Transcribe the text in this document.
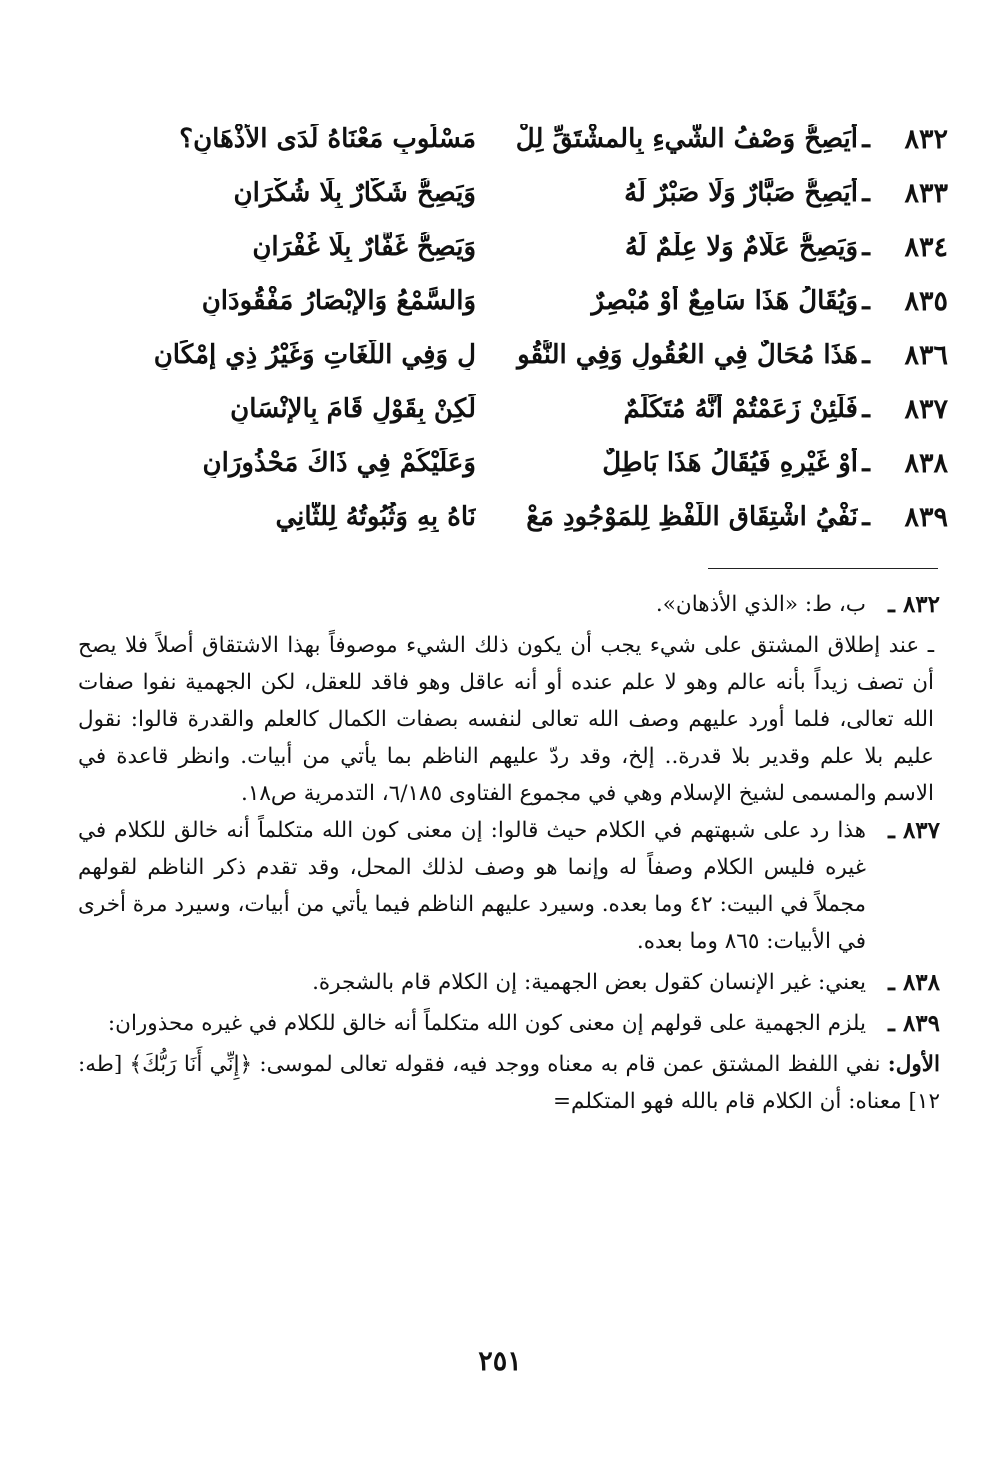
٨٣٢
ـ
أَيَصِحُّ وَصْفُ الشَّيءِ بِالمشْتَقِّ لِلْ
مَسْلُوبِ مَعْنَاهُ لَدَى الأَذْهَانِ؟
٨٣٣
ـ
أَيَصِحُّ صَبَّارٌ وَلَا صَبْرٌ لَهُ
وَيَصِحُّ شَكَّارٌ بِلَا شُكْرَانِ
٨٣٤
ـ
وَيَصِحُّ عَلَّامٌ وَلا عِلْمٌ لَهُ
وَيَصِحُّ غَفَّارٌ بِلَا غُفْرَانِ
٨٣٥
ـ
وَيُقَالُ هَذَا سَامِعٌ أَوْ مُبْصِرٌ
وَالسَّمْعُ وَالإِبْصَارُ مَفْقُودَانِ
٨٣٦
ـ
هَذَا مُحَالٌ فِي العُقُولِ وَفِي النُّقُو
لِ وَفِي اللُّغَاتِ وَغَيْرُ ذِي إِمْكَانِ
٨٣٧
ـ
فَلَئِنْ زَعَمْتُمْ أَنَّهُ مُتَكَلِّمٌ
لَكِنْ بِقَوْلٍ قَامَ بِالإِنْسَانِ
٨٣٨
ـ
أَوْ غَيْرِهِ فَيُقَالُ هَذَا بَاطِلٌ
وَعَلَيْكُمْ فِي ذَاكَ مَحْذُورَانِ
٨٣٩
ـ
نَفْيُ اشْتِقَاقِ اللَّفْظِ لِلمَوْجُودِ مَعْ
نَاهُ بِهِ وَثُبُوتُهُ لِلثَّانِي
٨٣٢ ـ
ب، ط: «الذي الأذهان».
ـ عند إطلاق المشتق على شيء يجب أن يكون ذلك الشيء موصوفاً بهذا الاشتقاق أصلاً فلا يصح أن تصف زيداً بأنه عالم وهو لا علم عنده أو أنه عاقل وهو فاقد للعقل، لكن الجهمية نفوا صفات الله تعالى، فلما أورد عليهم وصف الله تعالى لنفسه بصفات الكمال كالعلم والقدرة قالوا: نقول عليم بلا علم وقدير بلا قدرة.. إلخ، وقد ردّ عليهم الناظم بما يأتي من أبيات. وانظر قاعدة في الاسم والمسمى لشيخ الإسلام وهي في مجموع الفتاوى ٦/١٨٥، التدمرية ص١٨.
٨٣٧ ـ
هذا رد على شبهتهم في الكلام حيث قالوا: إن معنى كون الله متكلماً أنه خالق للكلام في غيره فليس الكلام وصفاً له وإنما هو وصف لذلك المحل، وقد تقدم ذكر الناظم لقولهم مجملاً في البيت: ٤٢ وما بعده. وسيرد عليهم الناظم فيما يأتي من أبيات، وسيرد مرة أخرى في الأبيات: ٨٦٥ وما بعده.
٨٣٨ ـ
يعني: غير الإنسان كقول بعض الجهمية: إن الكلام قام بالشجرة.
٨٣٩ ـ
يلزم الجهمية على قولهم إن معنى كون الله متكلماً أنه خالق للكلام في غيره محذوران:
الأول: نفي اللفظ المشتق عمن قام به معناه ووجد فيه، فقوله تعالى لموسى: ﴿إِنِّي أَنَا رَبُّكَ﴾ [طه: ١٢] معناه: أن الكلام قام بالله فهو المتكلم=
٢٥١
